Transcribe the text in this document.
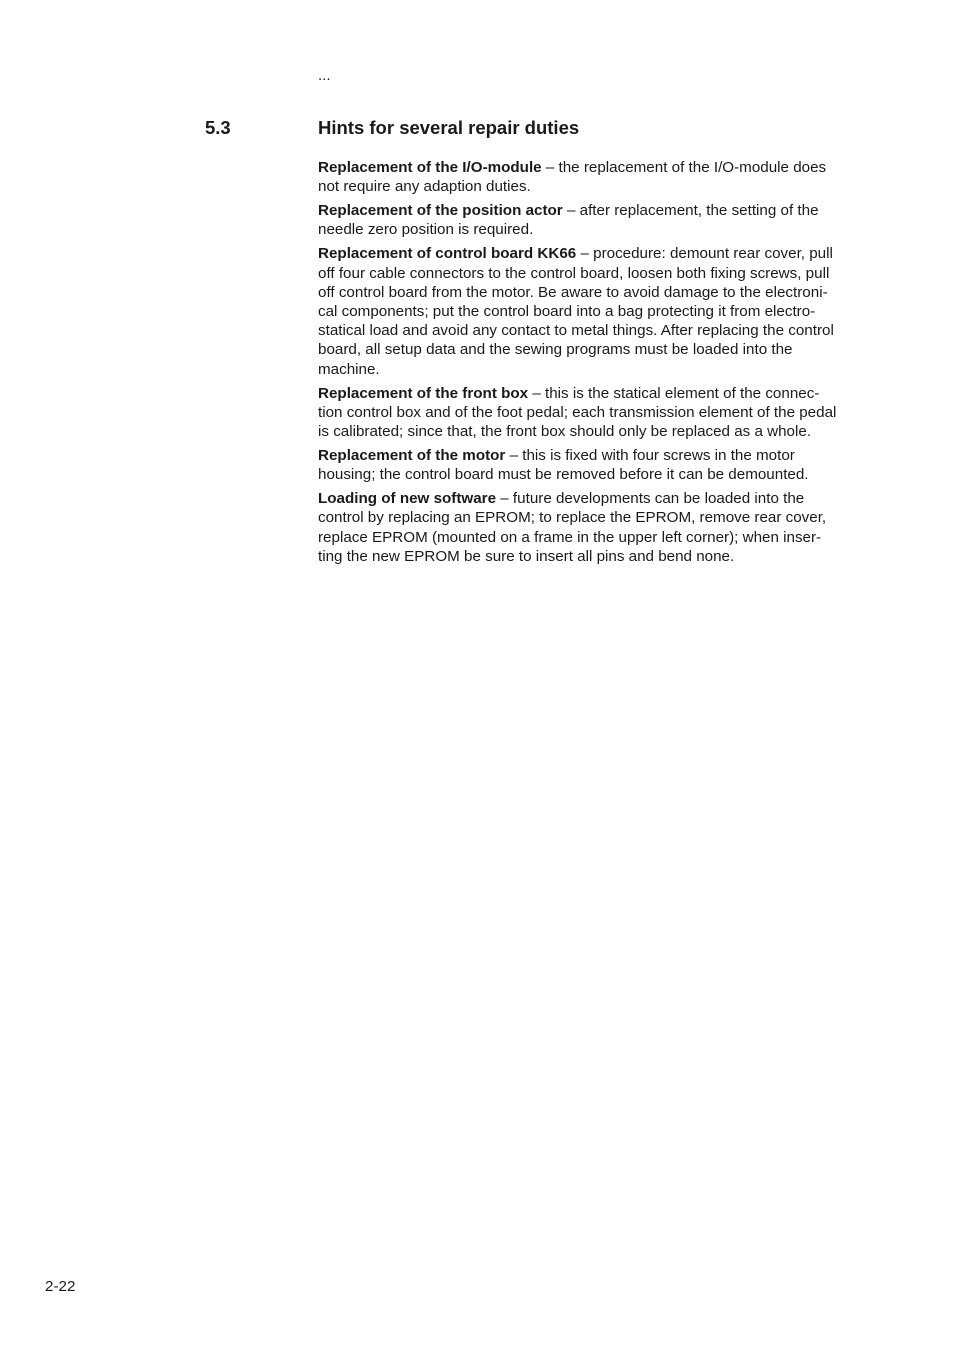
...
5.3	Hints for several repair duties
Replacement of the I/O-module – the replacement of the I/O-module does
not require any adaption duties.
Replacement of the position actor – after replacement, the setting of the
needle zero position is required.
Replacement of control board KK66 – procedure: demount rear cover, pull
off four cable connectors to the control board, loosen both fixing screws, pull
off control board from the motor. Be aware to avoid damage to the electroni-
cal components; put the control board into a bag protecting it from electro-
statical load and avoid any contact to metal things. After replacing the control
board, all setup data and the sewing programs must be loaded into the
machine.
Replacement of the front box – this is the statical element of the connec-
tion control box and of the foot pedal; each transmission element of the pedal
is calibrated; since that, the front box should only be replaced as a whole.
Replacement of the motor – this is fixed with four screws in the motor
housing; the control board must be removed before it can be demounted.
Loading of new software – future developments can be loaded into the
control by replacing an EPROM; to replace the EPROM, remove rear cover,
replace EPROM (mounted on a frame in the upper left corner); when inser-
ting the new EPROM be sure to insert all pins and bend none.
2-22
